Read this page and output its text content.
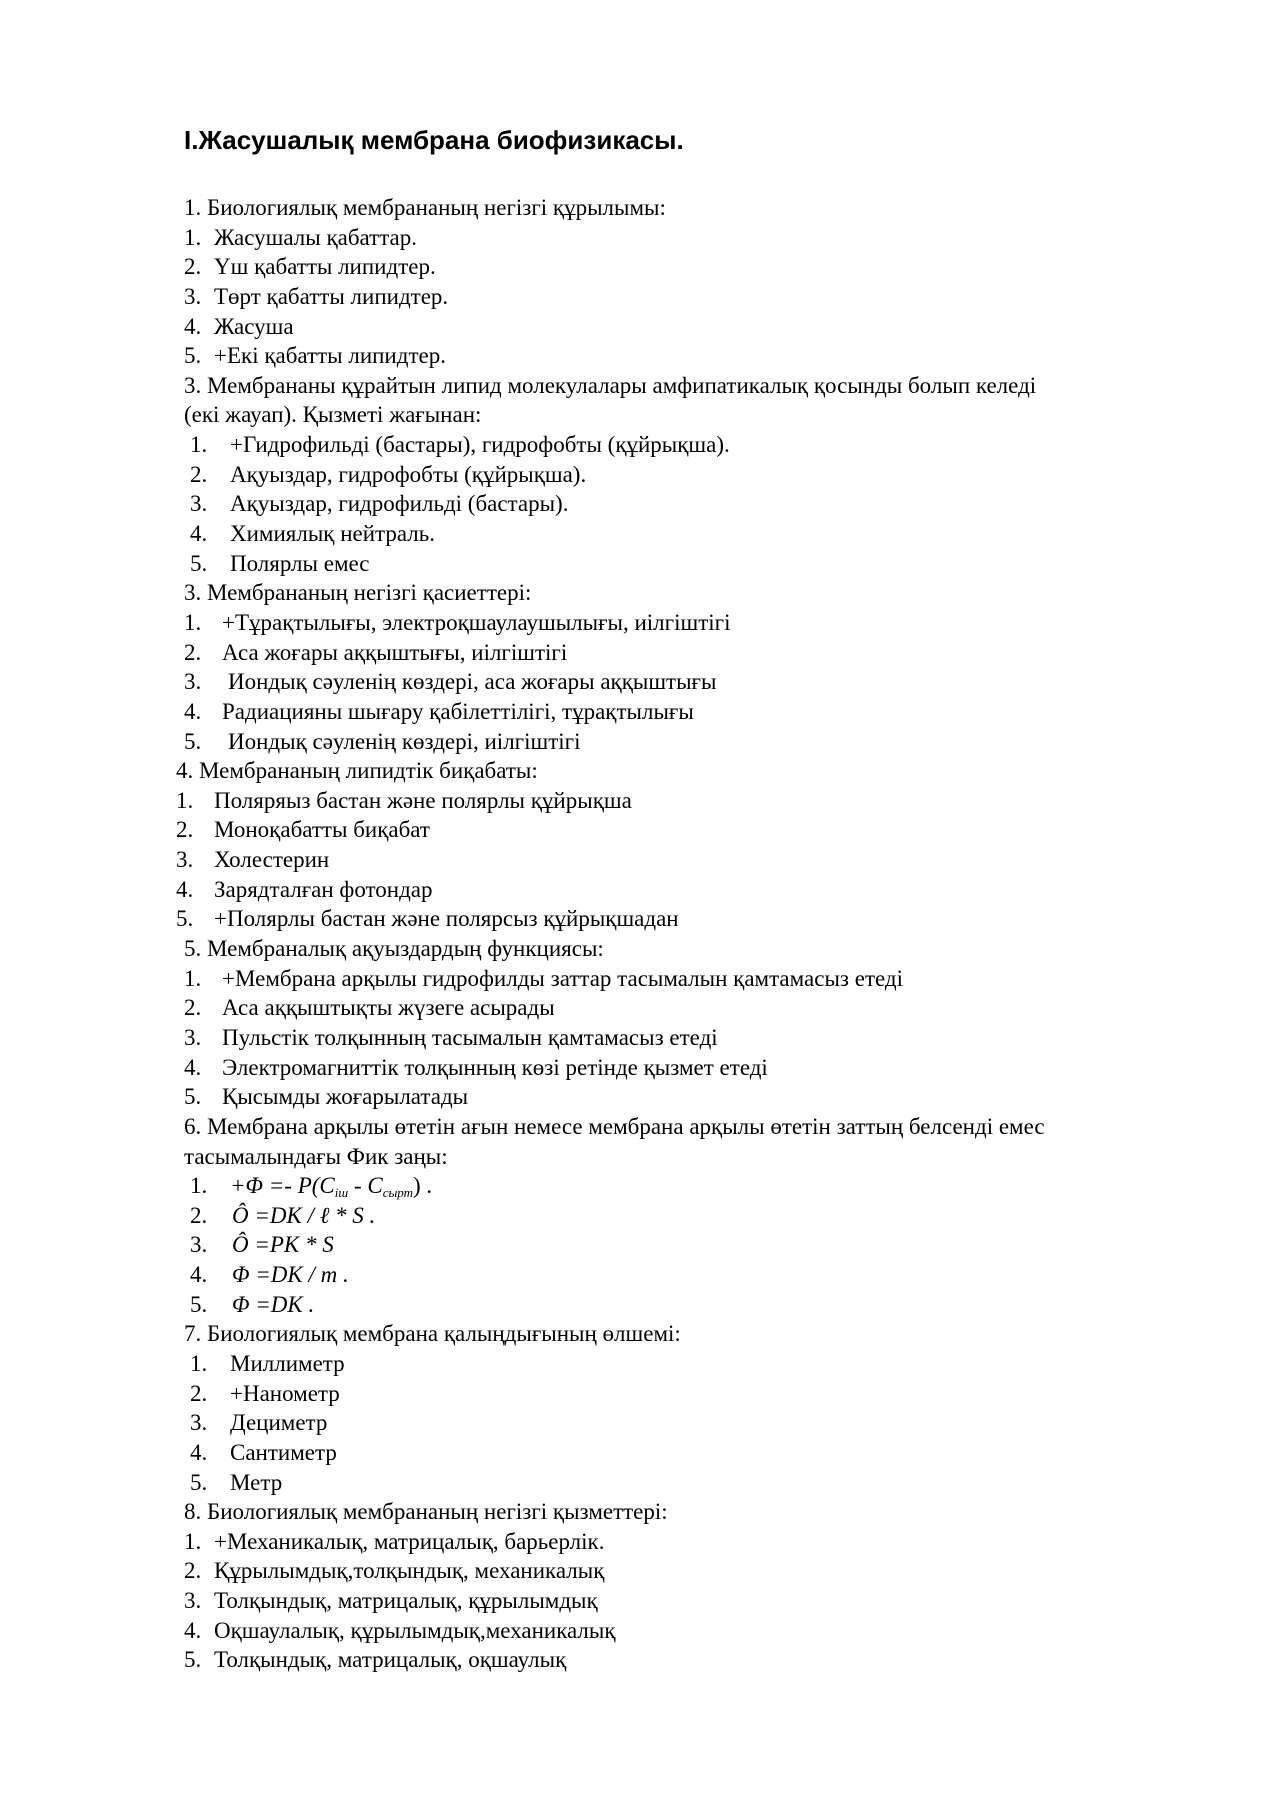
I.Жасушалық мембрана биофизикасы.
1. Биологиялық мембрананың негізгі құрылымы:
1. Жасушалы қабаттар.
2. Үш қабатты липидтер.
3. Төрт қабатты липидтер.
4. Жасуша
5. +Екі қабатты липидтер.
3. Мембрананы құрайтын липид молекулалары амфипатикалық қосынды болып келеді
(екі жауап). Қызметі жағынан:
1. +Гидрофильді (бастары), гидрофобты (құйрықша).
2. Ақуыздар, гидрофобты (құйрықша).
3. Ақуыздар, гидрофильді (бастары).
4. Химиялық нейтраль.
5. Полярлы емес
3. Мембрананың негізгі қасиеттері:
1. +Тұрақтылығы, электроқшаулаушылығы, иілгіштігі
2. Аса жоғары аққыштығы, иілгіштігі
3. Иондық сәуленің көздері, аса жоғары аққыштығы
4. Радиацияны шығару қабілеттілігі, тұрақтылығы
5. Иондық сәуленің көздері, иілгіштігі
4. Мембрананың липидтік биқабаты:
1. Поляряыз бастан және полярлы құйрықша
2. Моноқабатты биқабат
3. Холестерин
4. Зарядталған фотондар
5. +Полярлы бастан және полярсыз құйрықшадан
5. Мембраналық ақуыздардың функциясы:
1. +Мембрана арқылы гидрофилды заттар тасымалын қамтамасыз етеді
2. Аса аққыштықты жүзеге асырады
3. Пульстік толқынның тасымалын қамтамасыз етеді
4. Электромагниттік толқынның көзі ретінде қызмет етеді
5. Қысымды жоғарылатады
6. Мембрана арқылы өтетін ағын немесе мембрана арқылы өтетін заттың белсенді емес
тасымалындағы Фик заңы:
1. $+\Phi =- P(C_{іш} - C_{сырт})$ .
2. Ô =DK / ℓ * S .
3. Ô =PK * S
4. Φ =DK / m .
5. Φ =DK .
7. Биологиялық мембрана қалыңдығының өлшемі:
1. Миллиметр
2. +Нанометр
3. Дециметр
4. Сантиметр
5. Метр
8. Биологиялық мембрананың негізгі қызметтері:
1. +Механикалық, матрицалық, барьерлік.
2. Құрылымдық,толқындық, механикалық
3. Толқындық, матрицалық, құрылымдық
4. Оқшаулалық, құрылымдық,механикалық
5. Толқындық, матрицалық, оқшаулық
